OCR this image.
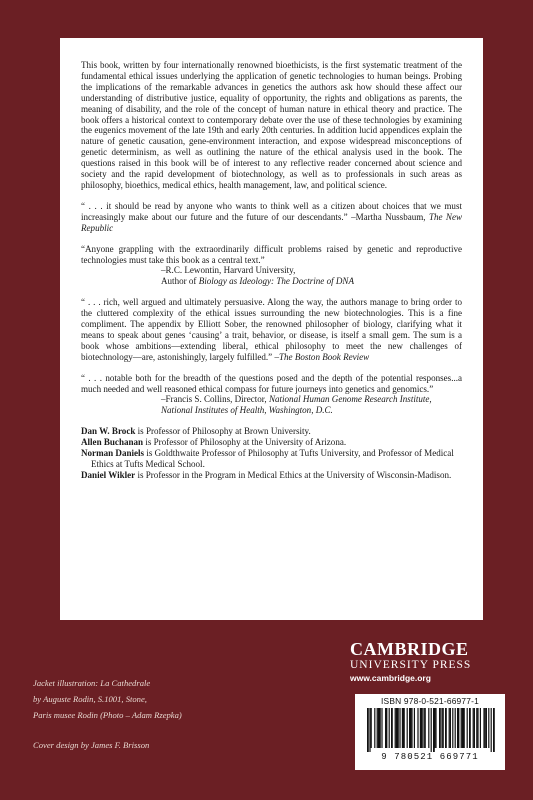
This book, written by four internationally renowned bioethicists, is the first systematic treatment of the fundamental ethical issues underlying the application of genetic technologies to human beings. Probing the implications of the remarkable advances in genetics the authors ask how should these affect our understanding of distributive justice, equality of opportunity, the rights and obligations as parents, the meaning of disability, and the role of the concept of human nature in ethical theory and practice. The book offers a historical context to contemporary debate over the use of these technologies by examining the eugenics movement of the late 19th and early 20th centuries. In addition lucid appendices explain the nature of genetic causation, gene-environment interaction, and expose widespread misconceptions of genetic determinism, as well as outlining the nature of the ethical analysis used in the book. The questions raised in this book will be of interest to any reflective reader concerned about science and society and the rapid development of biotechnology, as well as to professionals in such areas as philosophy, bioethics, medical ethics, health management, law, and political science.

“ . . . it should be read by anyone who wants to think well as a citizen about choices that we must increasingly make about our future and the future of our descendants.” –Martha Nussbaum, The New Republic

“Anyone grappling with the extraordinarily difficult problems raised by genetic and reproductive technologies must take this book as a central text.”
–R.C. Lewontin, Harvard University,
Author of Biology as Ideology: The Doctrine of DNA

“ . . . rich, well argued and ultimately persuasive. Along the way, the authors manage to bring order to the cluttered complexity of the ethical issues surrounding the new biotechnologies. This is a fine compliment. The appendix by Elliott Sober, the renowned philosopher of biology, clarifying what it means to speak about genes ‘causing’ a trait, behavior, or disease, is itself a small gem. The sum is a book whose ambitions—extending liberal, ethical philosophy to meet the new challenges of biotechnology—are, astonishingly, largely fulfilled.” –The Boston Book Review

“ . . . notable both for the breadth of the questions posed and the depth of the potential responses...a much needed and well reasoned ethical compass for future journeys into genetics and genomics.”
–Francis S. Collins, Director, National Human Genome Research Institute, National Institutes of Health, Washington, D.C.

Dan W. Brock is Professor of Philosophy at Brown University.

Allen Buchanan is Professor of Philosophy at the University of Arizona.

Norman Daniels is Goldthwaite Professor of Philosophy at Tufts University, and Professor of Medical Ethics at Tufts Medical School.

Daniel Wikler is Professor in the Program in Medical Ethics at the University of Wisconsin-Madison.

CAMBRIDGE
UNIVERSITY PRESS
www.cambridge.org

Jacket illustration: La Cathedrale

by Auguste Rodin, S.1001, Stone,

Paris musee Rodin (Photo – Adam Rzepka)

Cover design by James F. Brisson

ISBN 978-0-521-66977-1
9 780521 669771
